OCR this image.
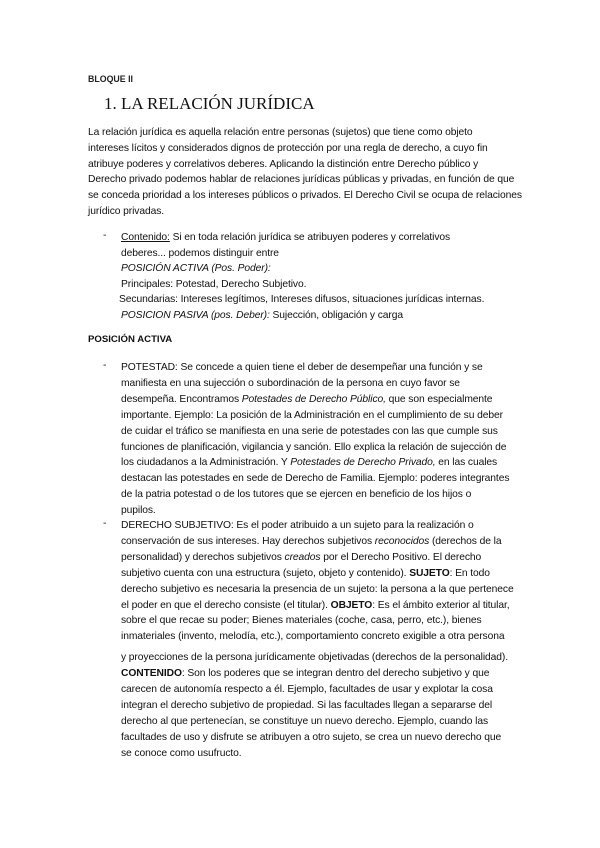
BLOQUE II
1. LA RELACIÓN JURÍDICA
La relación jurídica es aquella relación entre personas (sujetos) que tiene como objeto
intereses lícitos y considerados dignos de protección por una regla de derecho, a cuyo fin
atribuye poderes y correlativos deberes. Aplicando la distinción entre Derecho público y
Derecho privado podemos hablar de relaciones jurídicas públicas y privadas, en función de que
se conceda prioridad a los intereses públicos o privados. El Derecho Civil se ocupa de relaciones
jurídico privadas.
- Contenido: Si en toda relación jurídica se atribuyen poderes y correlativos
deberes... podemos distinguir entre
POSICIÓN ACTIVA (Pos. Poder):
Principales: Potestad, Derecho Subjetivo.
Secundarias: Intereses legítimos, Intereses difusos, situaciones jurídicas internas.
POSICION PASIVA (pos. Deber): Sujección, obligación y carga
POSICIÓN ACTIVA
- POTESTAD: Se concede a quien tiene el deber de desempeñar una función y se
manifiesta en una sujección o subordinación de la persona en cuyo favor se
desempeña. Encontramos Potestades de Derecho Público, que son especialmente
importante. Ejemplo: La posición de la Administración en el cumplimiento de su deber
de cuidar el tráfico se manifiesta en una serie de potestades con las que cumple sus
funciones de planificación, vigilancia y sanción. Ello explica la relación de sujección de
los ciudadanos a la Administración. Y Potestades de Derecho Privado, en las cuales
destacan las potestades en sede de Derecho de Familia. Ejemplo: poderes integrantes
de la patria potestad o de los tutores que se ejercen en beneficio de los hijos o
pupilos.
- DERECHO SUBJETIVO: Es el poder atribuido a un sujeto para la realización o
conservación de sus intereses. Hay derechos subjetivos reconocidos (derechos de la
personalidad) y derechos subjetivos creados por el Derecho Positivo. El derecho
subjetivo cuenta con una estructura (sujeto, objeto y contenido). SUJETO: En todo
derecho subjetivo es necesaria la presencia de un sujeto: la persona a la que pertenece
el poder en que el derecho consiste (el titular). OBJETO: Es el ámbito exterior al titular,
sobre el que recae su poder; Bienes materiales (coche, casa, perro, etc.), bienes
inmateriales (invento, melodía, etc.), comportamiento concreto exigible a otra persona
y proyecciones de la persona jurídicamente objetivadas (derechos de la personalidad).
CONTENIDO: Son los poderes que se integran dentro del derecho subjetivo y que
carecen de autonomía respecto a él. Ejemplo, facultades de usar y explotar la cosa
integran el derecho subjetivo de propiedad. Si las facultades llegan a separarse del
derecho al que pertenecían, se constituye un nuevo derecho. Ejemplo, cuando las
facultades de uso y disfrute se atribuyen a otro sujeto, se crea un nuevo derecho que
se conoce como usufructo.
